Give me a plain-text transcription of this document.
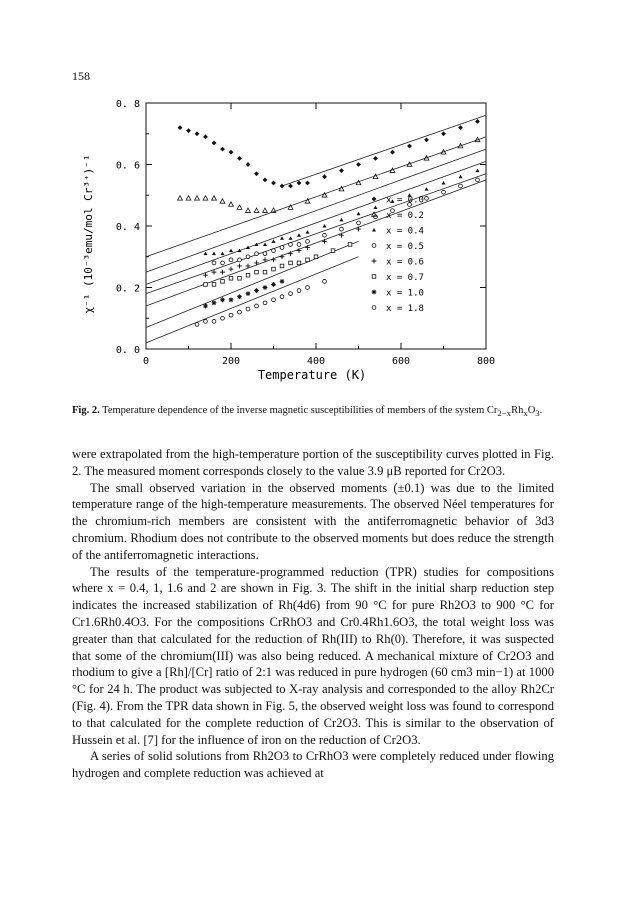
158
0	200	400	600	800
0. 0
0. 2
0. 4
0. 6
0. 8
Temperature (K)
χ⁻¹ (10⁻³emu/mol Cr³⁺)⁻¹	x = 0.0
x = 0.2
x = 0.4
x = 0.5
x = 0.6
x = 0.7
x = 1.0
x = 1.8
Fig. 2. Temperature dependence of the inverse magnetic susceptibilities of members of the system $Cr_{2-x}Rh_xO_3$.

were extrapolated from the high-temperature portion of the susceptibility curves plotted in Fig. 2. The measured moment corresponds closely to the value 3.9 μB reported for Cr2O3.

The small observed variation in the observed moments (±0.1) was due to the limited temperature range of the high-temperature measurements. The observed Néel temperatures for the chromium-rich members are consistent with the antiferromagnetic behavior of 3d3 chromium. Rhodium does not contribute to the observed moments but does reduce the strength of the antiferromagnetic interactions.

The results of the temperature-programmed reduction (TPR) studies for compositions where x = 0.4, 1, 1.6 and 2 are shown in Fig. 3. The shift in the initial sharp reduction step indicates the increased stabilization of Rh(4d6) from 90 °C for pure Rh2O3 to 900 °C for Cr1.6Rh0.4O3. For the compositions CrRhO3 and Cr0.4Rh1.6O3, the total weight loss was greater than that calculated for the reduction of Rh(III) to Rh(0). Therefore, it was suspected that some of the chromium(III) was also being reduced. A mechanical mixture of Cr2O3 and rhodium to give a [Rh]/[Cr] ratio of 2:1 was reduced in pure hydrogen (60 cm3 min−1) at 1000 °C for 24 h. The product was subjected to X-ray analysis and corresponded to the alloy Rh2Cr (Fig. 4). From the TPR data shown in Fig. 5, the observed weight loss was found to correspond to that calculated for the complete reduction of Cr2O3. This is similar to the observation of Hussein et al. [7] for the influence of iron on the reduction of Cr2O3.

A series of solid solutions from Rh2O3 to CrRhO3 were completely reduced under flowing hydrogen and complete reduction was achieved at
